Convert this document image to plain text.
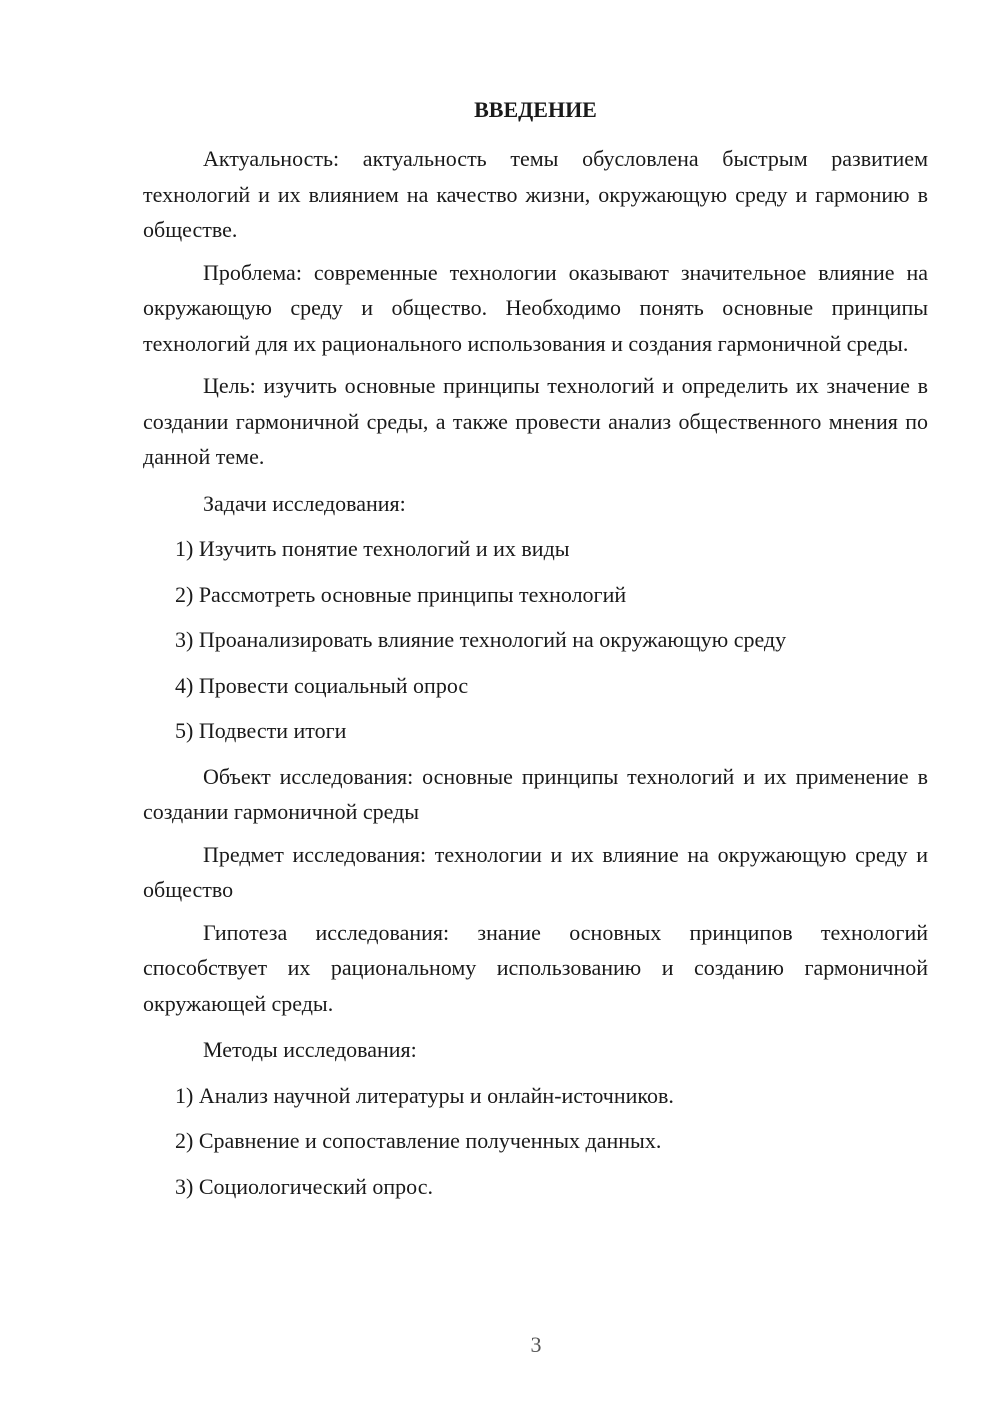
ВВЕДЕНИЕ

Актуальность: актуальность темы обусловлена быстрым развитием технологий и их влиянием на качество жизни, окружающую среду и гармонию в обществе.

Проблема: современные технологии оказывают значительное влияние на окружающую среду и общество. Необходимо понять основные принципы технологий для их рационального использования и создания гармоничной среды.

Цель: изучить основные принципы технологий и определить их значение в создании гармоничной среды, а также провести анализ общественного мнения по данной теме.

Задачи исследования:
1) Изучить понятие технологий и их виды
2) Рассмотреть основные принципы технологий
3) Проанализировать влияние технологий на окружающую среду
4) Провести социальный опрос
5) Подвести итоги

Объект исследования: основные принципы технологий и их применение в создании гармоничной среды

Предмет исследования: технологии и их влияние на окружающую среду и общество

Гипотеза исследования: знание основных принципов технологий способствует их рациональному использованию и созданию гармоничной окружающей среды.

Методы исследования:
1) Анализ научной литературы и онлайн-источников.
2) Сравнение и сопоставление полученных данных.
3) Социологический опрос.
3
